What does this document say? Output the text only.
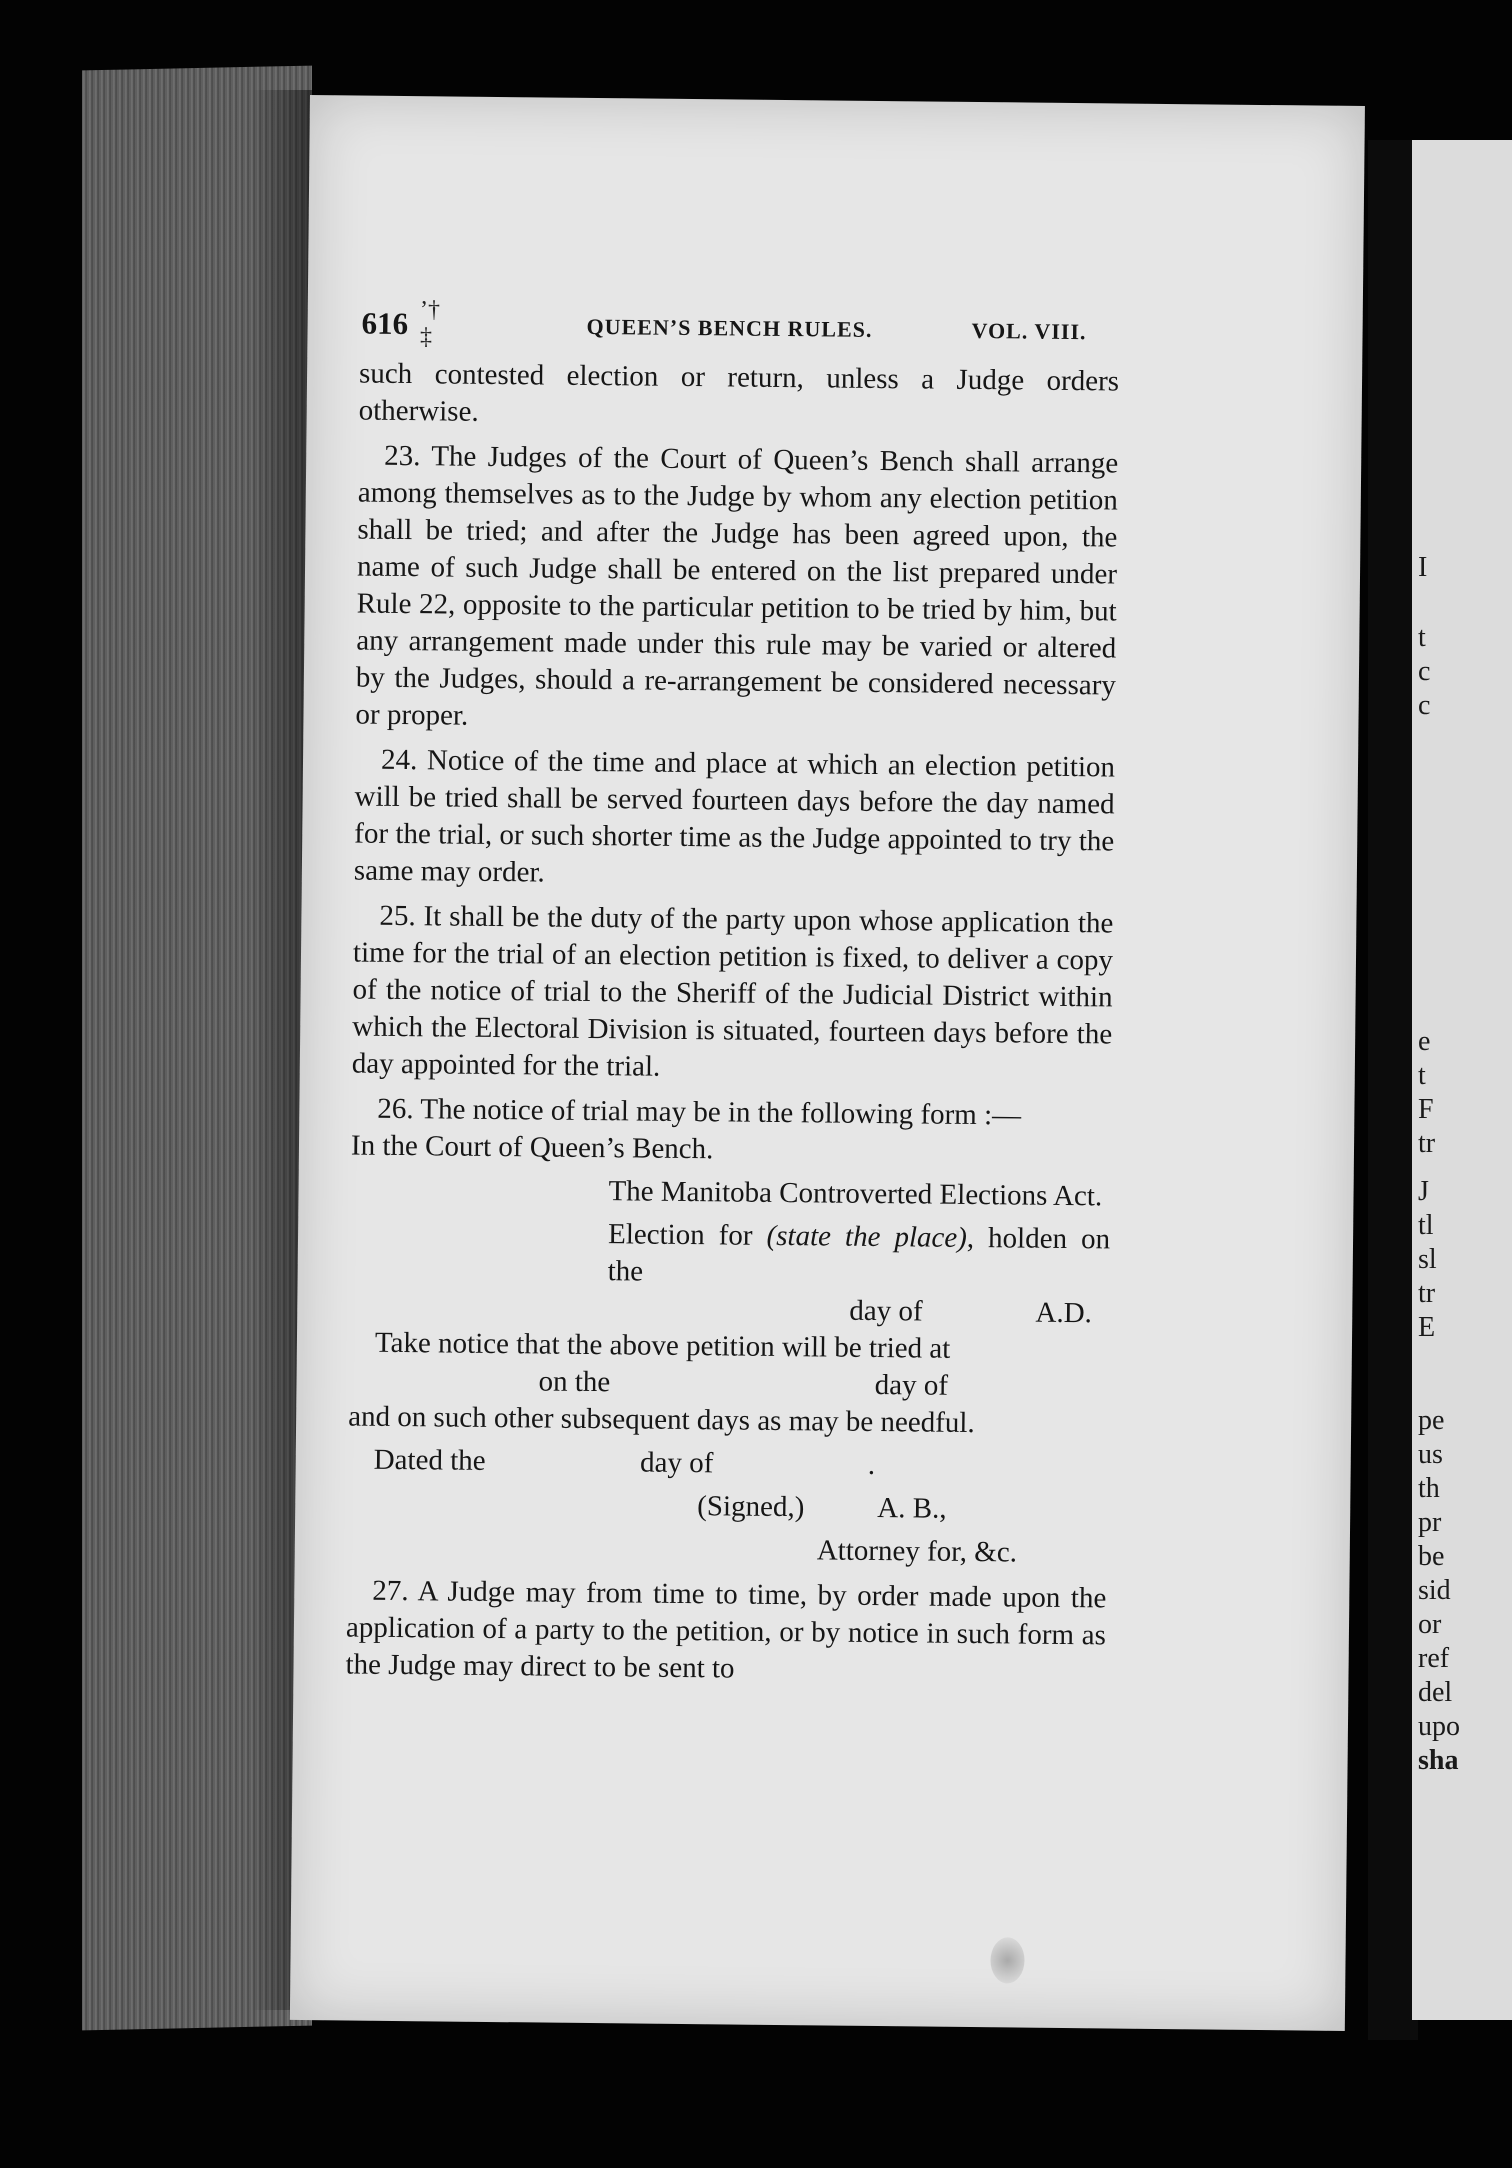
616	QUEEN’S BENCH RULES.	VOL. VIII.

such contested election or return, unless a Judge orders otherwise.

23. The Judges of the Court of Queen’s Bench shall arrange among themselves as to the Judge by whom any election petition shall be tried; and after the Judge has been agreed upon, the name of such Judge shall be entered on the list prepared under Rule 22, opposite to the particular petition to be tried by him, but any arrangement made under this rule may be varied or altered by the Judges, should a re-arrangement be considered necessary or proper.

24. Notice of the time and place at which an election petition will be tried shall be served fourteen days before the day named for the trial, or such shorter time as the Judge appointed to try the same may order.

25. It shall be the duty of the party upon whose application the time for the trial of an election petition is fixed, to deliver a copy of the notice of trial to the Sheriff of the Judicial District within which the Electoral Division is situated, fourteen days before the day appointed for the trial.

26. The notice of trial may be in the following form :—

In the Court of Queen’s Bench.

The Manitoba Controverted Elections Act.

Election for (state the place), holden on the

day of	A.D.

Take notice that the above petition will be tried at

on the	day of

and on such other subsequent days as may be needful.

Dated the	day of	.

(Signed,)	A. B.,

Attorney for, &c.

27. A Judge may from time to time, by order made upon the application of a party to the petition, or by notice in such form as the Judge may direct to be sent to

’† ‡
I
t
c
c
e
t
F
tr
J
tl
sl
tr
E
pe
us
th
pr
be
sid
or
ref
del
upo
sha
